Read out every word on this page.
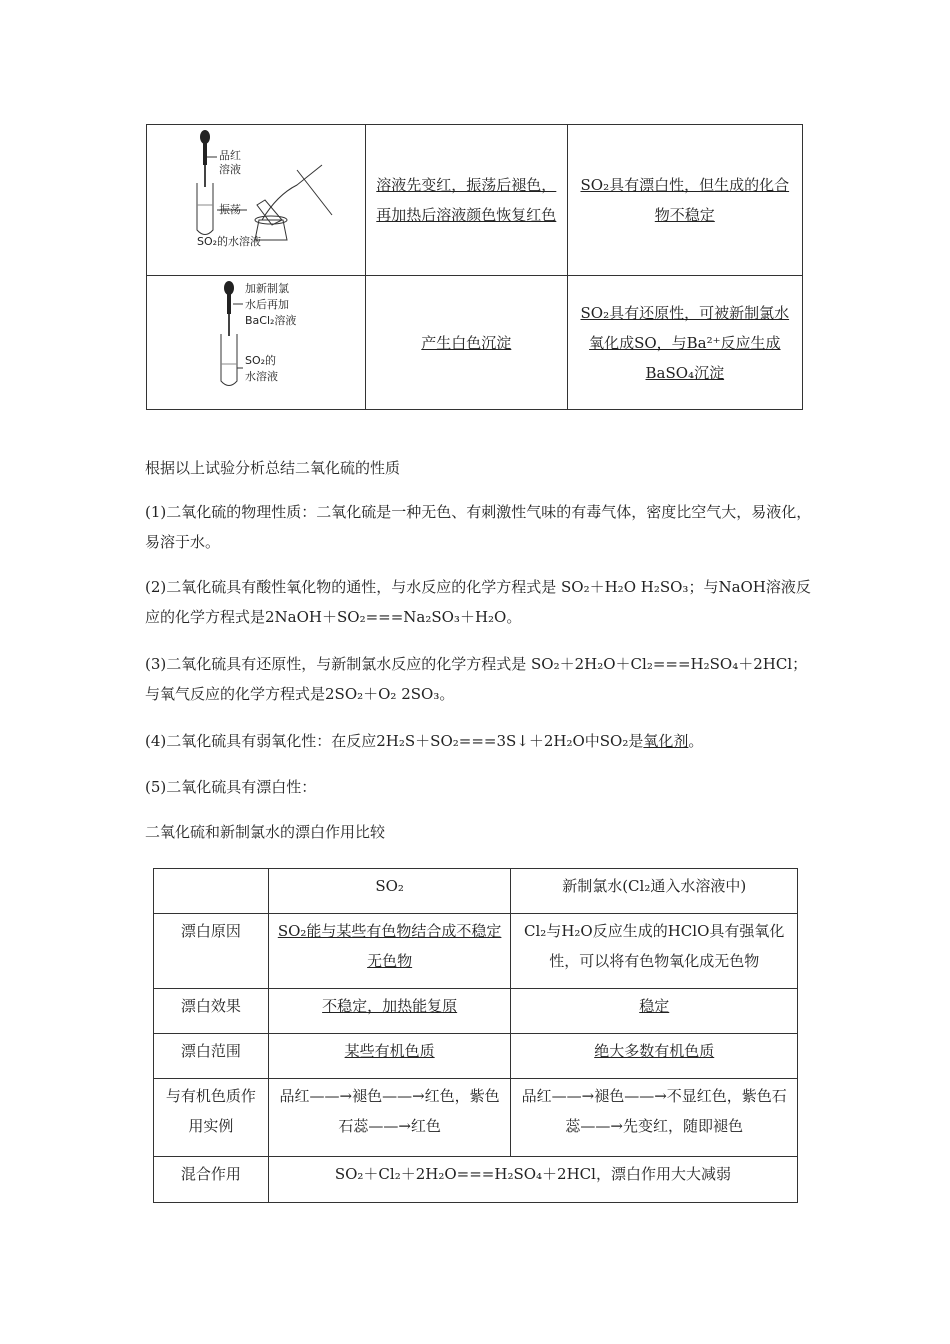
品红
溶液
振荡
SO₂的水溶液	溶液先变红，振荡后褪色，再加热后溶液颜色恢复红色	SO₂具有漂白性，但生成的化合物不稳定

加新制氯
水后再加
BaCl₂溶液
SO₂的
水溶液	产生白色沉淀	SO₂具有还原性，可被新制氯水氧化成SO，与Ba²⁺反应生成BaSO₄沉淀
根据以上试验分析总结二氧化硫的性质
(1)二氧化硫的物理性质：二氧化硫是一种无色、有刺激性气味的有毒气体，密度比空气大，易液化，易溶于水。
(2)二氧化硫具有酸性氧化物的通性，与水反应的化学方程式是 SO₂＋H₂O H₂SO₃；与NaOH溶液反应的化学方程式是2NaOH＋SO₂===Na₂SO₃＋H₂O。
(3)二氧化硫具有还原性，与新制氯水反应的化学方程式是 SO₂＋2H₂O＋Cl₂===H₂SO₄＋2HCl；与氧气反应的化学方程式是2SO₂＋O₂ 2SO₃。
(4)二氧化硫具有弱氧化性：在反应2H₂S＋SO₂===3S↓＋2H₂O中SO₂是氧化剂。
(5)二氧化硫具有漂白性：
二氧化硫和新制氯水的漂白作用比较
	SO₂	新制氯水(Cl₂通入水溶液中)
漂白原因	SO₂能与某些有色物结合成不稳定无色物	Cl₂与H₂O反应生成的HClO具有强氧化性，可以将有色物氧化成无色物
漂白效果	不稳定，加热能复原	稳定
漂白范围	某些有机色质	绝大多数有机色质
与有机色质作用实例	品红——→褪色——→红色，紫色石蕊——→红色	品红——→褪色——→不显红色，紫色石蕊——→先变红，随即褪色
混合作用	SO₂＋Cl₂＋2H₂O===H₂SO₄＋2HCl，漂白作用大大减弱	
